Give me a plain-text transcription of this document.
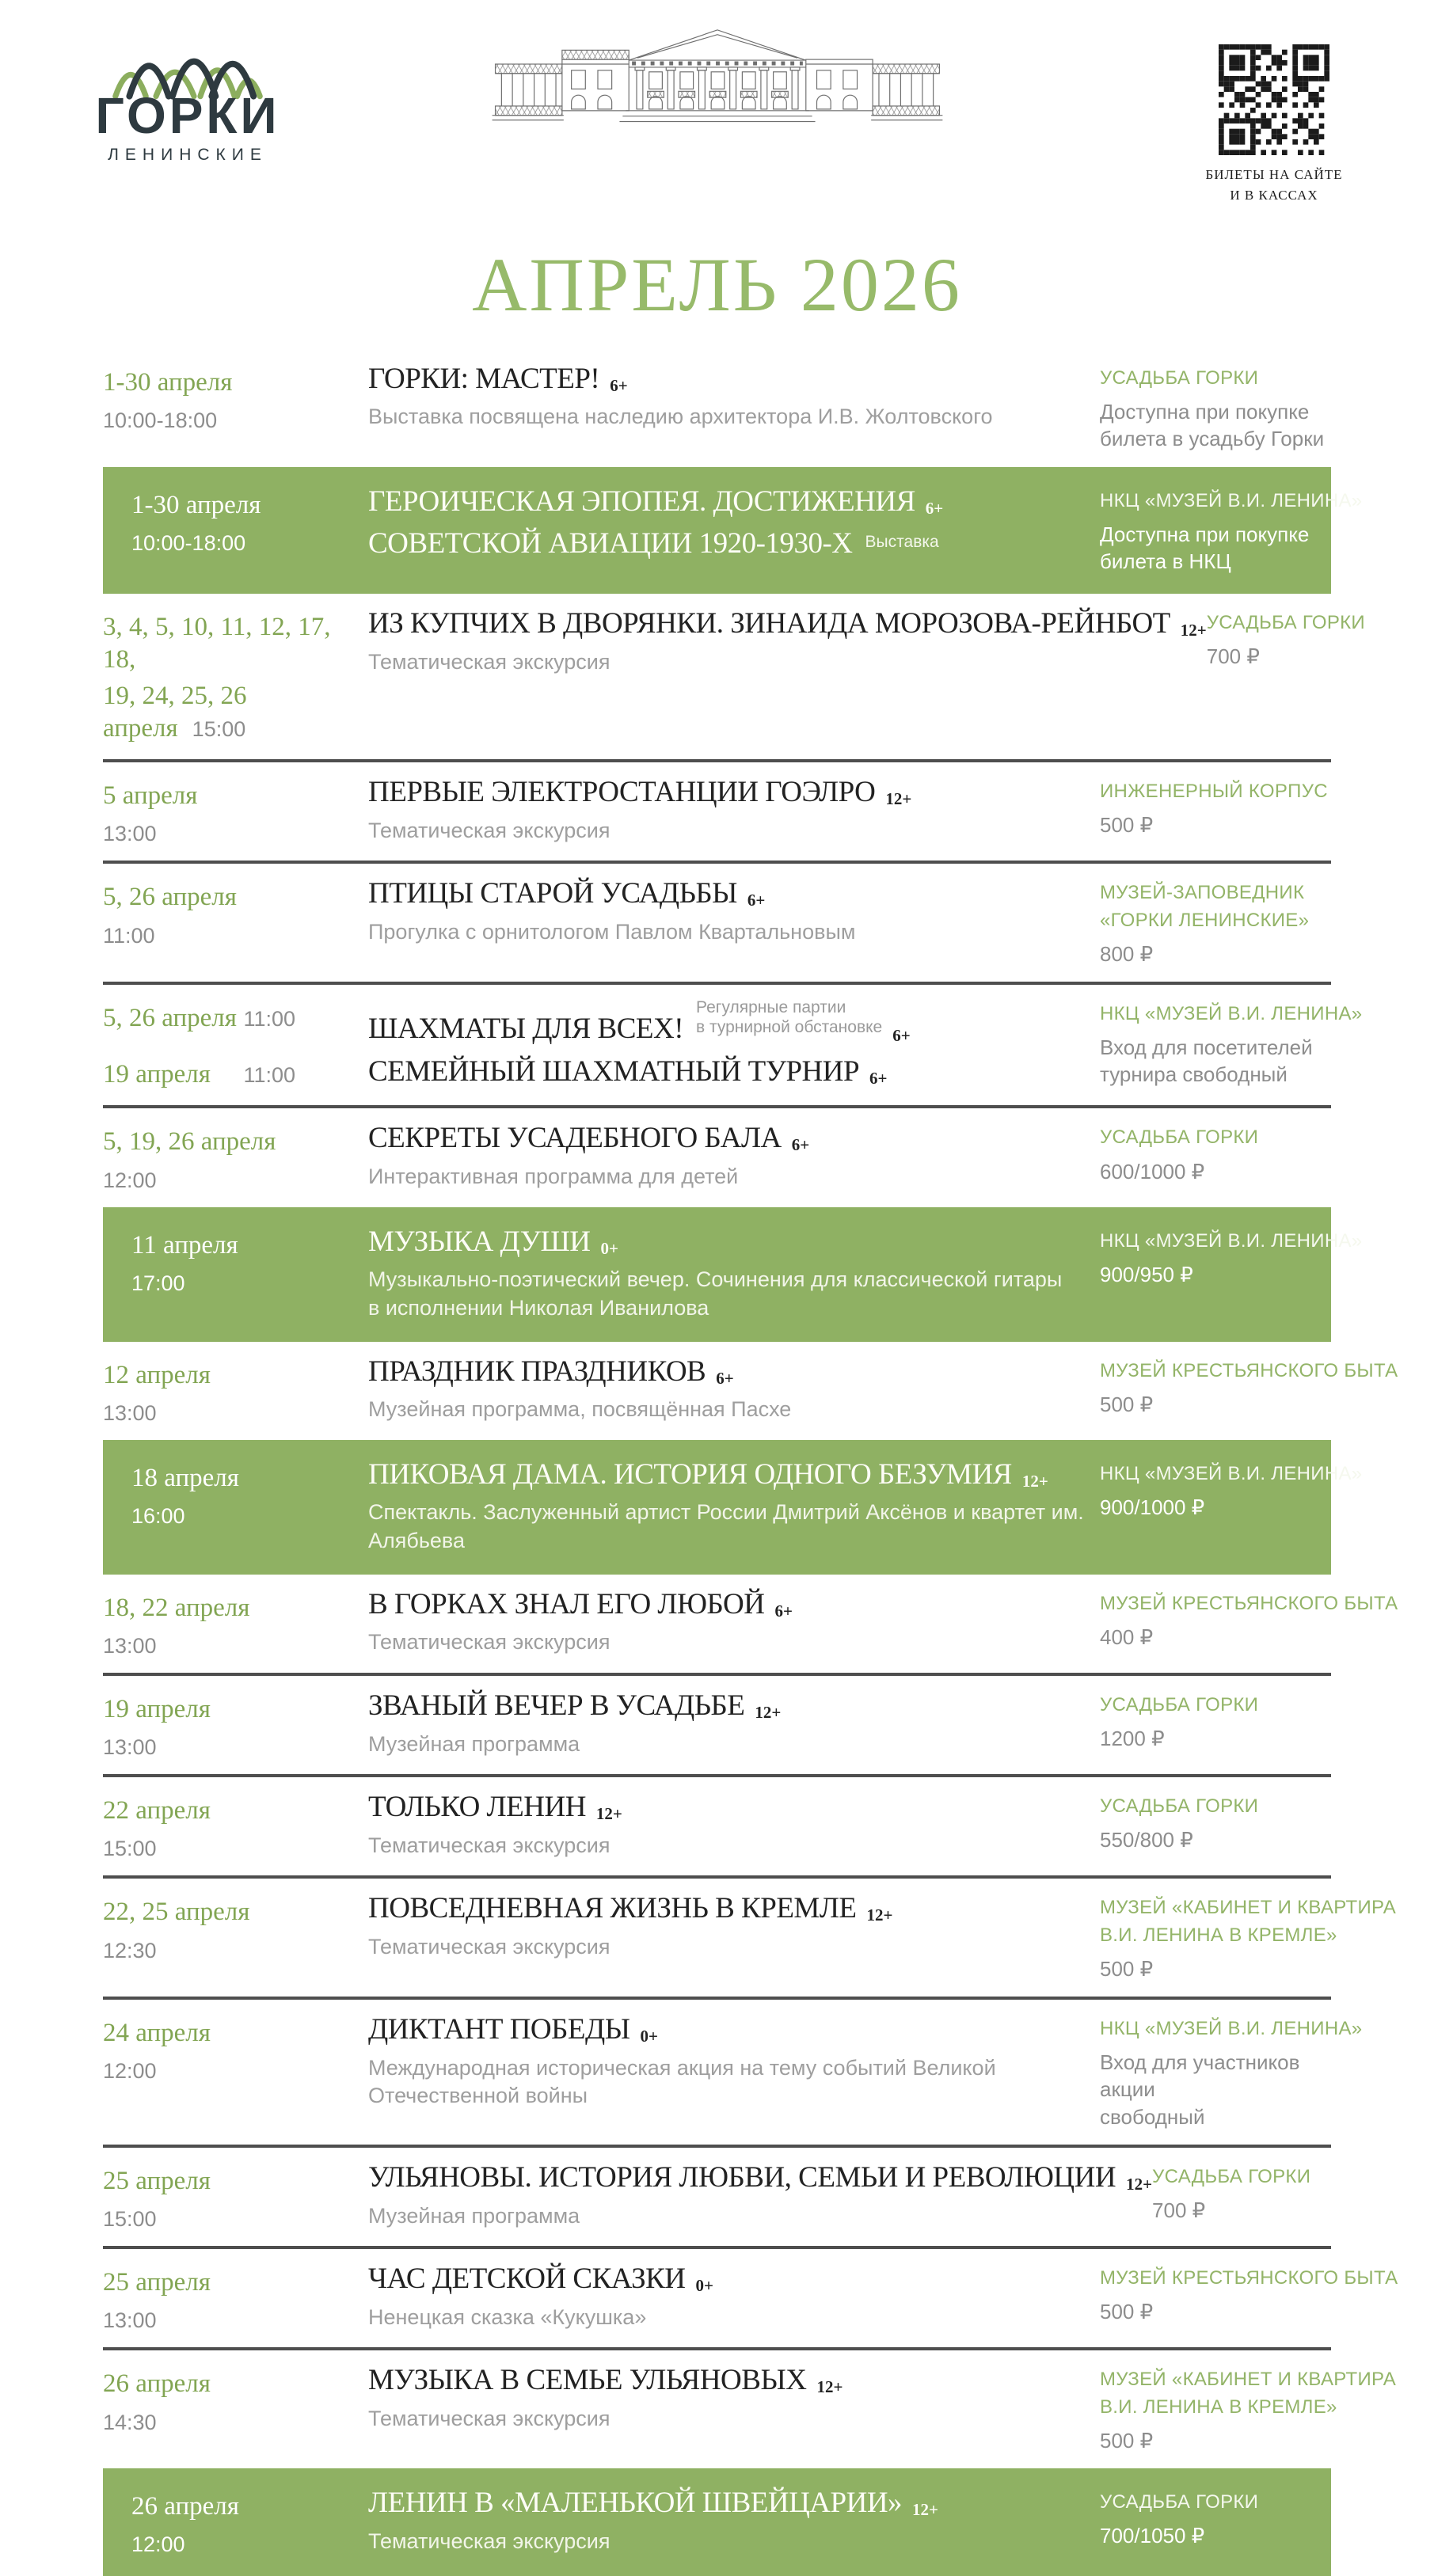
ГОРКИ
ЛЕНИНСКИЕ
БИЛЕТЫ НА САЙТЕ
И В КАССАХ
АПРЕЛЬ 2026
1-30 апреля
10:00-18:00
ГОРКИ: МАСТЕР! 6+
Выставка посвящена наследию архитектора И.В. Жолтовского
УСАДЬБА ГОРКИ
Доступна при покупке
билета в усадьбу Горки
1-30 апреля
10:00-18:00
ГЕРОИЧЕСКАЯ ЭПОПЕЯ. ДОСТИЖЕНИЯ 6+
СОВЕТСКОЙ АВИАЦИИ 1920-1930-Х Выставка
НКЦ «МУЗЕЙ В.И. ЛЕНИНА»
Доступна при покупке
билета в НКЦ
3, 4, 5, 10, 11, 12, 17, 18,
19, 24, 25, 26 апреля 15:00
ИЗ КУПЧИХ В ДВОРЯНКИ. ЗИНАИДА МОРОЗОВА-РЕЙНБОТ 12+
Тематическая экскурсия
УСАДЬБА ГОРКИ
700 ₽
5 апреля
13:00
ПЕРВЫЕ ЭЛЕКТРОСТАНЦИИ ГОЭЛРО 12+
Тематическая экскурсия
ИНЖЕНЕРНЫЙ КОРПУС
500 ₽
5, 26 апреля
11:00
ПТИЦЫ СТАРОЙ УСАДЬБЫ 6+
Прогулка с орнитологом Павлом Квартальновым
МУЗЕЙ-ЗАПОВЕДНИК
«ГОРКИ ЛЕНИНСКИЕ»
800 ₽
5, 26 апреля 11:00
19 апреля 11:00
ШАХМАТЫ ДЛЯ ВСЕХ!Регулярные партии
в турнирной обстановке 6+
СЕМЕЙНЫЙ ШАХМАТНЫЙ ТУРНИР 6+
НКЦ «МУЗЕЙ В.И. ЛЕНИНА»
Вход для посетителей
турнира свободный
5, 19, 26 апреля
12:00
СЕКРЕТЫ УСАДЕБНОГО БАЛА 6+
Интерактивная программа для детей
УСАДЬБА ГОРКИ
600/1000 ₽
11 апреля
17:00
МУЗЫКА ДУШИ 0+
Музыкально-поэтический вечер. Сочинения для классической гитары
в исполнении Николая Иванилова
НКЦ «МУЗЕЙ В.И. ЛЕНИНА»
900/950 ₽
12 апреля
13:00
ПРАЗДНИК ПРАЗДНИКОВ 6+
Музейная программа, посвящённая Пасхе
МУЗЕЙ КРЕСТЬЯНСКОГО БЫТА
500 ₽
18 апреля
16:00
ПИКОВАЯ ДАМА. ИСТОРИЯ ОДНОГО БЕЗУМИЯ 12+
Спектакль. Заслуженный артист России Дмитрий Аксёнов и квартет им. Алябьева
НКЦ «МУЗЕЙ В.И. ЛЕНИНА»
900/1000 ₽
18, 22 апреля
13:00
В ГОРКАХ ЗНАЛ ЕГО ЛЮБОЙ 6+
Тематическая экскурсия
МУЗЕЙ КРЕСТЬЯНСКОГО БЫТА
400 ₽
19 апреля
13:00
ЗВАНЫЙ ВЕЧЕР В УСАДЬБЕ 12+
Музейная программа
УСАДЬБА ГОРКИ
1200 ₽
22 апреля
15:00
ТОЛЬКО ЛЕНИН 12+
Тематическая экскурсия
УСАДЬБА ГОРКИ
550/800 ₽
22, 25 апреля
12:30
ПОВСЕДНЕВНАЯ ЖИЗНЬ В КРЕМЛЕ 12+
Тематическая экскурсия
МУЗЕЙ «КАБИНЕТ И КВАРТИРА
В.И. ЛЕНИНА В КРЕМЛЕ»
500 ₽
24 апреля
12:00
ДИКТАНТ ПОБЕДЫ 0+
Международная историческая акция на тему событий Великой Отечественной войны
НКЦ «МУЗЕЙ В.И. ЛЕНИНА»
Вход для участников акции
свободный
25 апреля
15:00
УЛЬЯНОВЫ. ИСТОРИЯ ЛЮБВИ, СЕМЬИ И РЕВОЛЮЦИИ 12+
Музейная программа
УСАДЬБА ГОРКИ
700 ₽
25 апреля
13:00
ЧАС ДЕТСКОЙ СКАЗКИ 0+
Ненецкая сказка «Кукушка»
МУЗЕЙ КРЕСТЬЯНСКОГО БЫТА
500 ₽
26 апреля
14:30
МУЗЫКА В СЕМЬЕ УЛЬЯНОВЫХ 12+
Тематическая экскурсия
МУЗЕЙ «КАБИНЕТ И КВАРТИРА
В.И. ЛЕНИНА В КРЕМЛЕ»
500 ₽
26 апреля
12:00
ЛЕНИН В «МАЛЕНЬКОЙ ШВЕЙЦАРИИ» 12+
Тематическая экскурсия
УСАДЬБА ГОРКИ
700/1050 ₽
